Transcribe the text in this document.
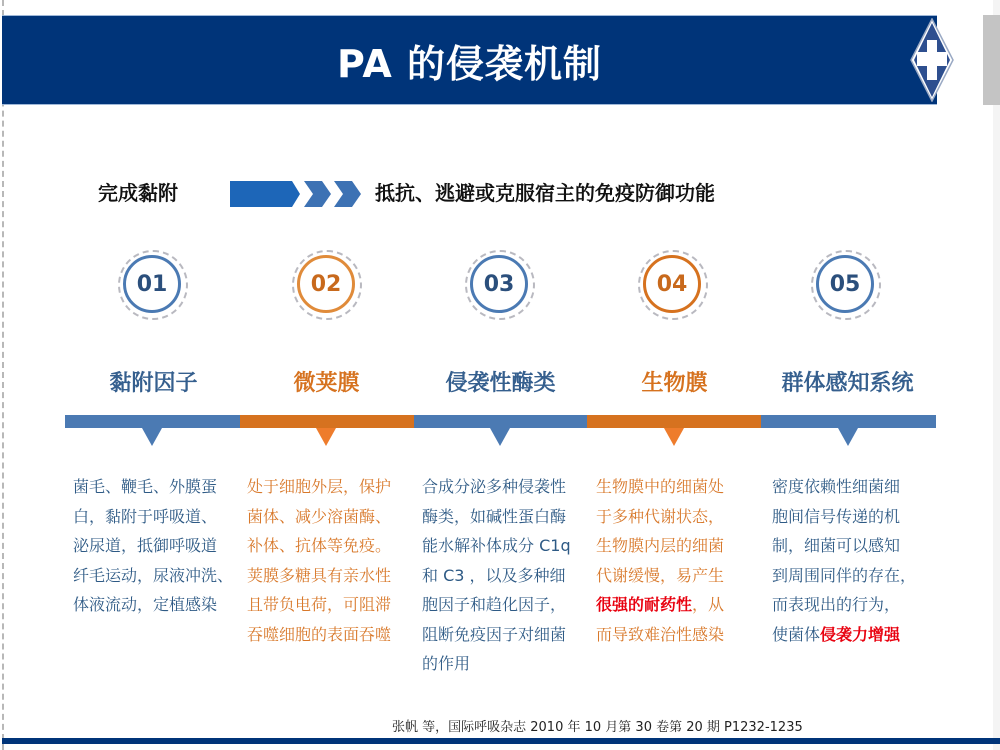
PA 的侵袭机制
完成黏附	抵抗、逃避或克服宿主的免疫防御功能
01	02	03	04	05
黏附因子	微荚膜	侵袭性酶类	生物膜	群体感知系统
菌毛、鞭毛、外膜蛋
白，黏附于呼吸道、
泌尿道，抵御呼吸道
纤毛运动，尿液冲洗、
体液流动，定植感染
处于细胞外层，保护
菌体、减少溶菌酶、
补体、抗体等免疫。
荚膜多糖具有亲水性
且带负电荷，可阻滞
吞噬细胞的表面吞噬
合成分泌多种侵袭性
酶类，如碱性蛋白酶
能水解补体成分 C1q
和 C3 ，以及多种细
胞因子和趋化因子，
阻断免疫因子对细菌
的作用
生物膜中的细菌处
于多种代谢状态，
生物膜内层的细菌
代谢缓慢，易产生
很强的耐药性，从
而导致难治性感染
密度依赖性细菌细
胞间信号传递的机
制，细菌可以感知
到周围同伴的存在，
而表现出的行为，
使菌体侵袭力增强
张帆 等，国际呼吸杂志 2010 年 10 月第 30 卷第 20 期 P1232-1235
